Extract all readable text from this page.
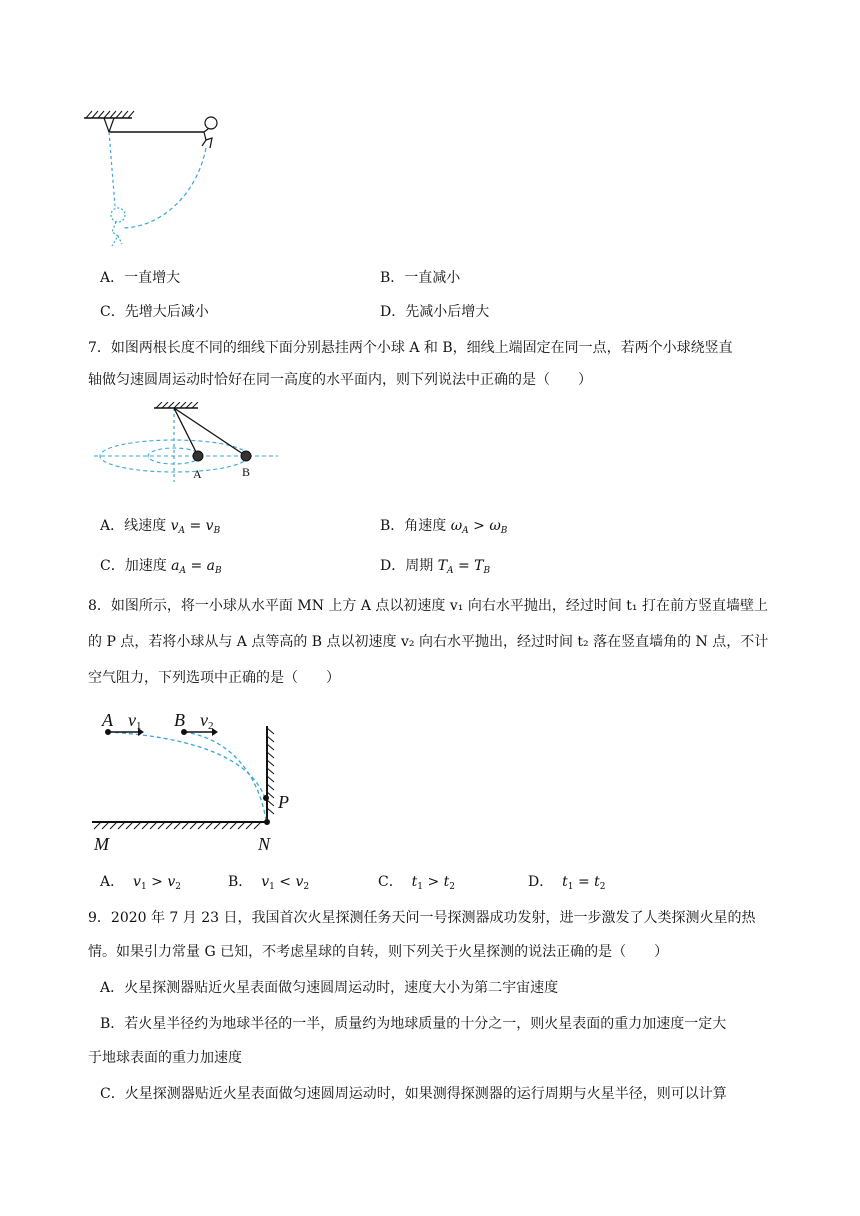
A．一直增大	B．一直减小
C．先增大后减小	D．先减小后增大
7．如图两根长度不同的细线下面分别悬挂两个小球 A 和 B，细线上端固定在同一点，若两个小球绕竖直
轴做匀速圆周运动时恰好在同一高度的水平面内，则下列说法中正确的是（　　）
A	B
A．线速度 $v_A = v_B$	B．角速度 $\omega_A > \omega_B$
C．加速度 $a_A = a_B$	D．周期 $T_A = T_B$
8．如图所示，将一小球从水平面 MN 上方 A 点以初速度 v₁ 向右水平抛出，经过时间 t₁ 打在前方竖直墙壁上
的 P 点，若将小球从与 A 点等高的 B 点以初速度 v₂ 向右水平抛出，经过时间 t₂ 落在竖直墙角的 N 点，不计
空气阻力，下列选项中正确的是（　　）
A v1 B v2
P
M	N
A． $v_1 > v_2$	B． $v_1 < v_2$	C． $t_1 > t_2$	D． $t_1 = t_2$
9．2020 年 7 月 23 日，我国首次火星探测任务天问一号探测器成功发射，进一步激发了人类探测火星的热
情。如果引力常量 G 已知，不考虑星球的自转，则下列关于火星探测的说法正确的是（　　）
A．火星探测器贴近火星表面做匀速圆周运动时，速度大小为第二宇宙速度
B．若火星半径约为地球半径的一半，质量约为地球质量的十分之一，则火星表面的重力加速度一定大
于地球表面的重力加速度
C．火星探测器贴近火星表面做匀速圆周运动时，如果测得探测器的运行周期与火星半径，则可以计算
